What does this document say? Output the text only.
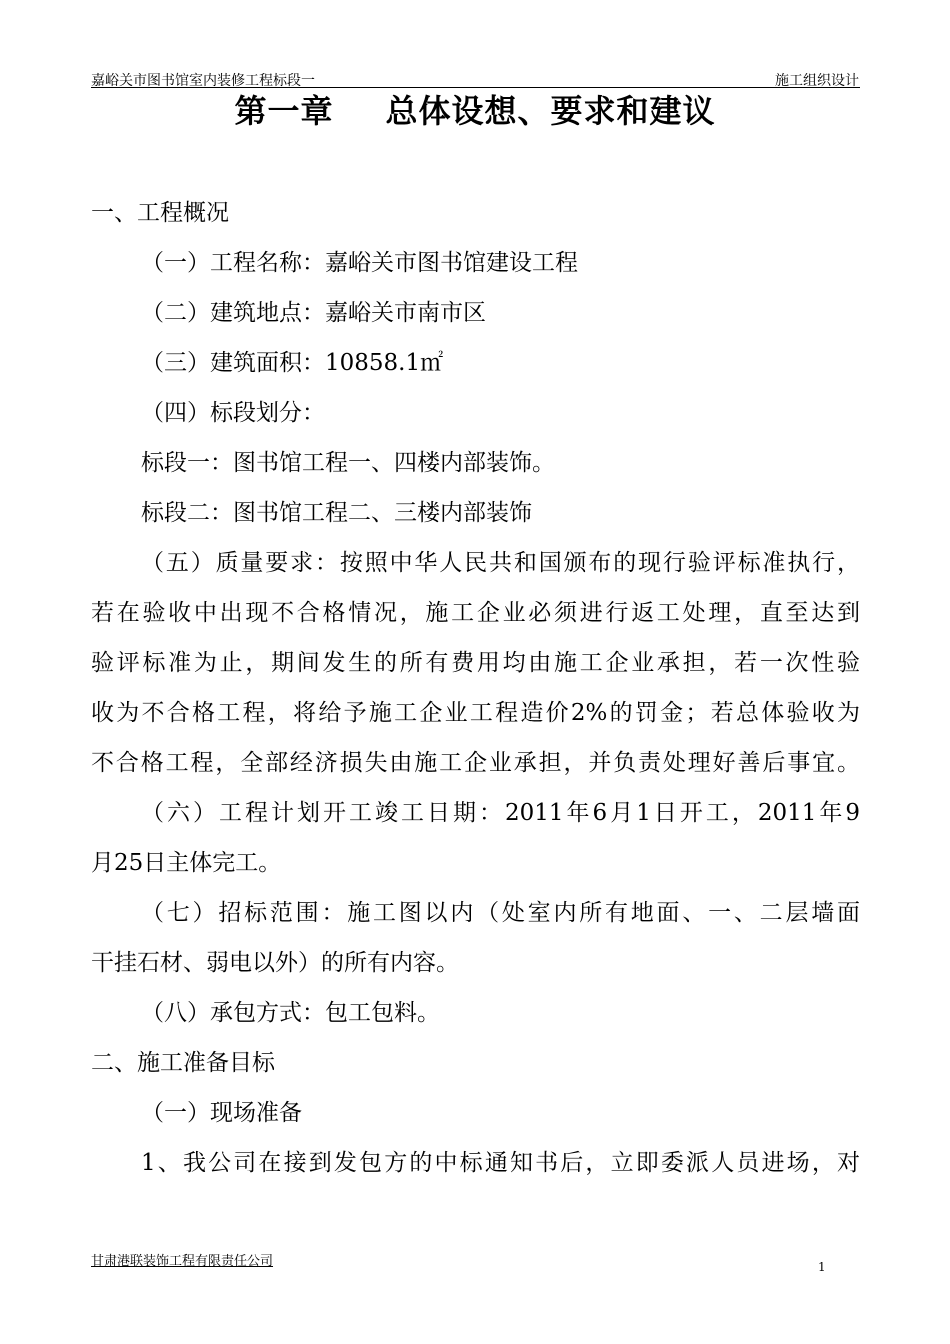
嘉峪关市图书馆室内装修工程标段一	施工组织设计
第一章 总体设想、要求和建议
一、工程概况
（一）工程名称：嘉峪关市图书馆建设工程
（二）建筑地点：嘉峪关市南市区
（三）建筑面积：10858.1㎡
（四）标段划分：
标段一：图书馆工程一、四楼内部装饰。
标段二：图书馆工程二、三楼内部装饰
（五）质量要求：按照中华人民共和国颁布的现行验评标准执行，
若在验收中出现不合格情况，施工企业必须进行返工处理，直至达到
验评标准为止，期间发生的所有费用均由施工企业承担，若一次性验
收为不合格工程，将给予施工企业工程造价2%的罚金；若总体验收为
不合格工程，全部经济损失由施工企业承担，并负责处理好善后事宜。
（六）工程计划开工竣工日期：2011年6月1日开工，2011年9
月25日主体完工。
（七）招标范围：施工图以内（处室内所有地面、一、二层墙面
干挂石材、弱电以外）的所有内容。
（八）承包方式：包工包料。
二、施工准备目标
（一）现场准备
1、我公司在接到发包方的中标通知书后，立即委派人员进场，对
甘肃港联装饰工程有限责任公司	1
